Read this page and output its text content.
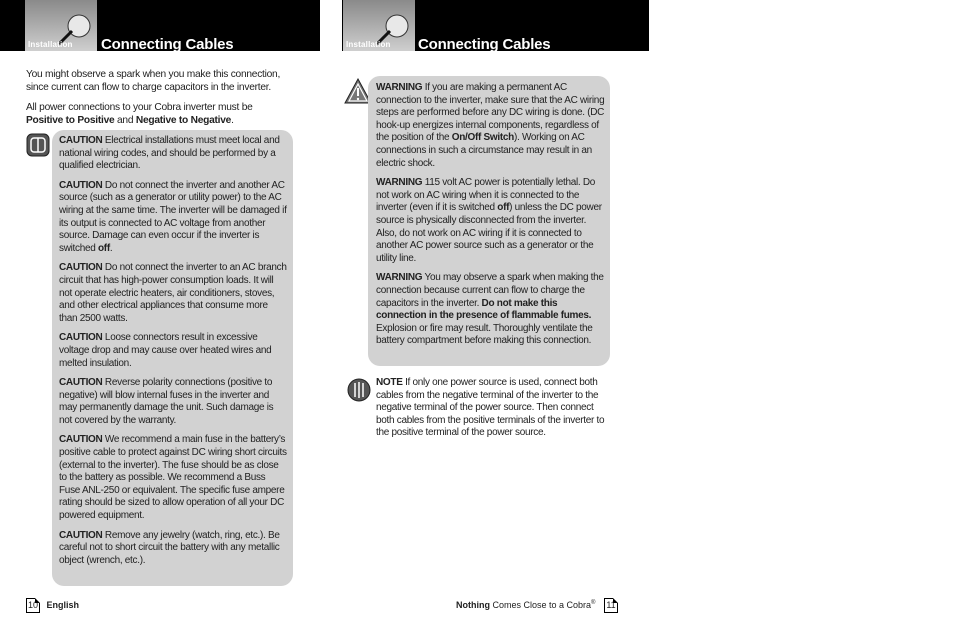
Installation Connecting Cables

You might observe a spark when you make this connection, since current can flow to charge capacitors in the inverter.

All power connections to your Cobra inverter must be Positive to Positive and Negative to Negative.

CAUTION Electrical installations must meet local and national wiring codes, and should be performed by a qualified electrician.

CAUTION Do not connect the inverter and another AC source (such as a generator or utility power) to the AC wiring at the same time. The inverter will be damaged if its output is connected to AC voltage from another source. Damage can even occur if the inverter is switched off.

CAUTION Do not connect the inverter to an AC branch circuit that has high-power consumption loads. It will not operate electric heaters, air conditioners, stoves, and other electrical appliances that consume more than 2500 watts.

CAUTION Loose connectors result in excessive voltage drop and may cause over heated wires and melted insulation.

CAUTION Reverse polarity connections (positive to negative) will blow internal fuses in the inverter and may permanently damage the unit. Such damage is not covered by the warranty.

CAUTION We recommend a main fuse in the battery’s positive cable to protect against DC wiring short circuits (external to the inverter). The fuse should be as close to the battery as possible. We recommend a Buss Fuse ANL-250 or equivalent. The specific fuse ampere rating should be sized to allow operation of all your DC powered equipment.

CAUTION Remove any jewelry (watch, ring, etc.). Be careful not to short circuit the battery with any metallic object (wrench, etc.).

10 English
Installation Connecting Cables

WARNING If you are making a permanent AC connection to the inverter, make sure that the AC wiring steps are performed before any DC wiring is done. (DC hook-up energizes internal components, regardless of the position of the On/Off Switch). Working on AC connections in such a circumstance may result in an electric shock.

WARNING 115 volt AC power is potentially lethal. Do not work on AC wiring when it is connected to the inverter (even if it is switched off) unless the DC power source is physically disconnected from the inverter. Also, do not work on AC wiring if it is connected to another AC power source such as a generator or the utility line.

WARNING You may observe a spark when making the connection because current can flow to charge the capacitors in the inverter. Do not make this connection in the presence of flammable fumes. Explosion or fire may result. Thoroughly ventilate the battery compartment before making this connection.

NOTE If only one power source is used, connect both cables from the negative terminal of the inverter to the negative terminal of the power source. Then connect both cables from the positive terminals of the inverter to the positive terminal of the power source.
Nothing Comes Close to a Cobra® 11
